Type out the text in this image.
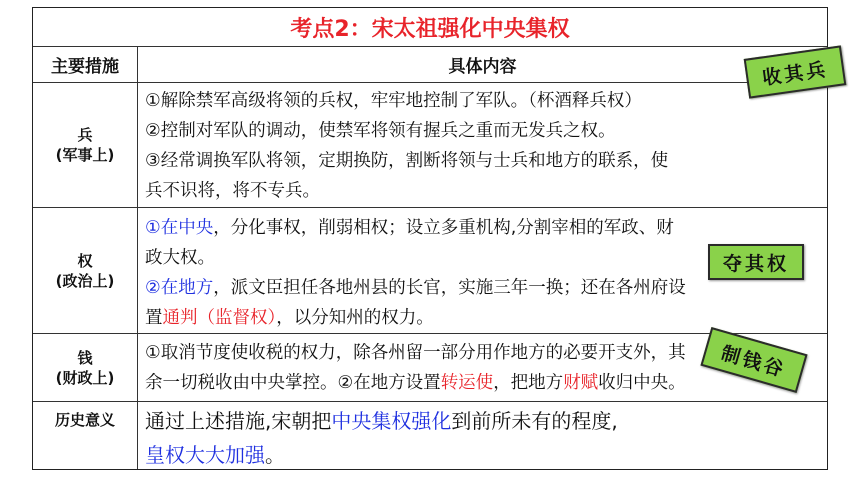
考点2：宋太祖强化中央集权
主要措施	具体内容
兵
(军事上)
①解除禁军高级将领的兵权，牢牢地控制了军队。（杯酒释兵权）
②控制对军队的调动，使禁军将领有握兵之重而无发兵之权。
③经常调换军队将领，定期换防，割断将领与士兵和地方的联系，使
兵不识将，将不专兵。
权
(政治上)
①在中央，分化事权，削弱相权；设立多重机构,分割宰相的军政、财
政大权。
②在地方，派文臣担任各地州县的长官，实施三年一换；还在各州府设
置通判（监督权），以分知州的权力。
钱
(财政上)
①取消节度使收税的权力，除各州留一部分用作地方的必要开支外，其
余一切税收由中央掌控。②在地方设置转运使，把地方财赋收归中央。
历史意义 通过上述措施,宋朝把中央集权强化到前所未有的程度,
皇权大大加强。
收其兵
夺其权
制钱谷
